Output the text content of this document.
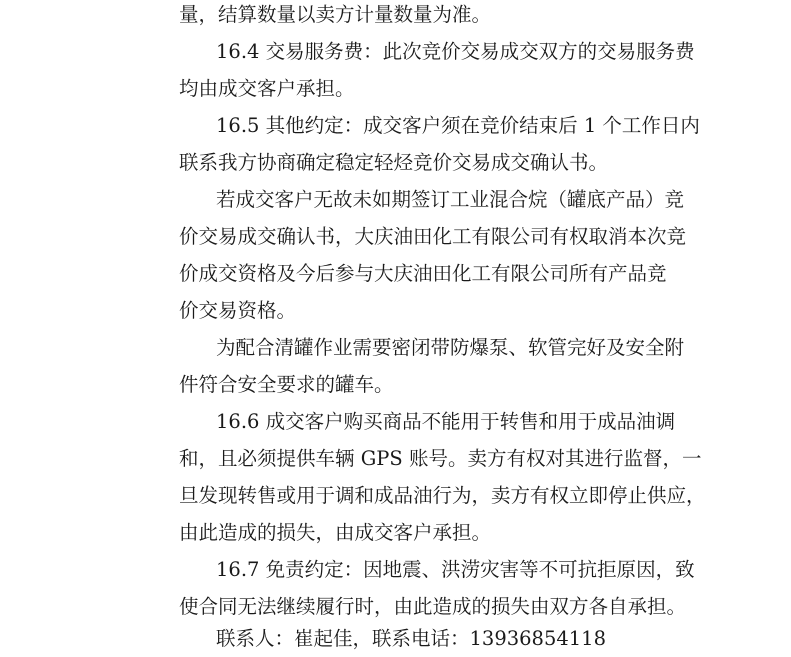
量，结算数量以卖方计量数量为准。
16.4 交易服务费：此次竞价交易成交双方的交易服务费
均由成交客户承担。
16.5 其他约定：成交客户须在竞价结束后 1 个工作日内
联系我方协商确定稳定轻烃竞价交易成交确认书。
若成交客户无故未如期签订工业混合烷（罐底产品）竞
价交易成交确认书，大庆油田化工有限公司有权取消本次竞
价成交资格及今后参与大庆油田化工有限公司所有产品竞
价交易资格。
为配合清罐作业需要密闭带防爆泵、软管完好及安全附
件符合安全要求的罐车。
16.6 成交客户购买商品不能用于转售和用于成品油调
和，且必须提供车辆 GPS 账号。卖方有权对其进行监督，一
旦发现转售或用于调和成品油行为，卖方有权立即停止供应，
由此造成的损失，由成交客户承担。
16.7 免责约定：因地震、洪涝灾害等不可抗拒原因，致
使合同无法继续履行时，由此造成的损失由双方各自承担。
联系人：崔起佳，联系电话：13936854118
